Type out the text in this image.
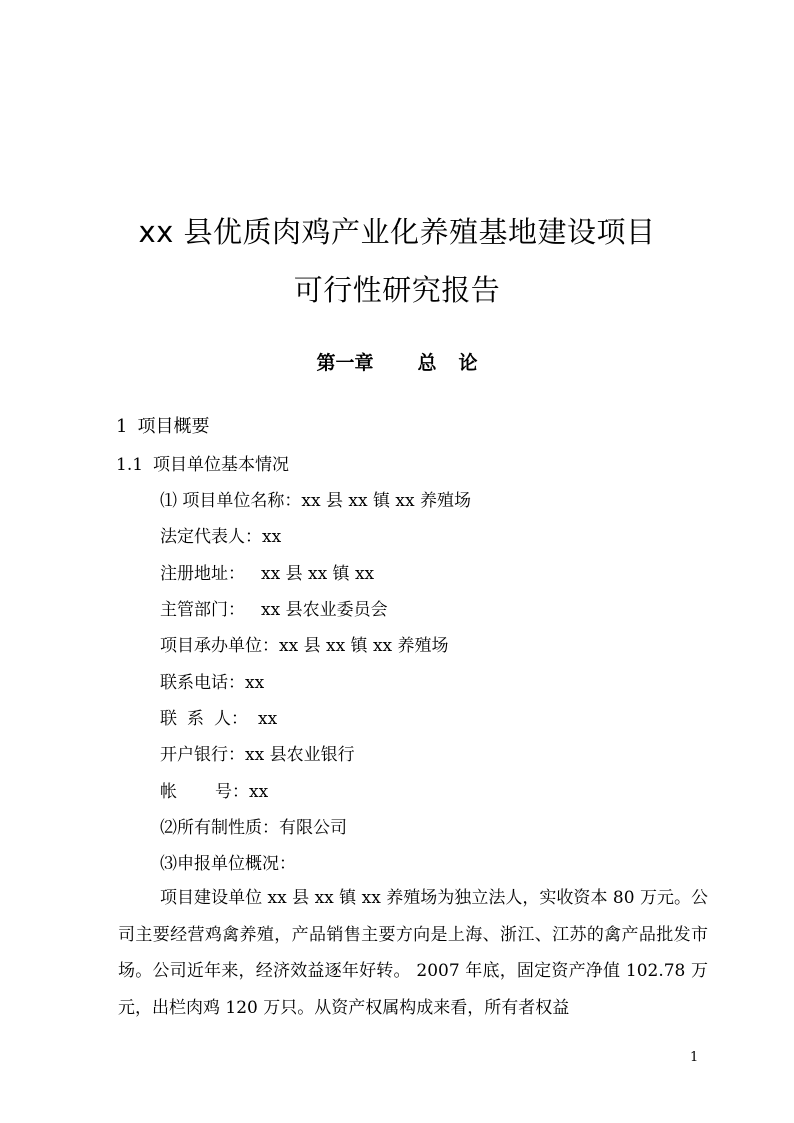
xx 县优质肉鸡产业化养殖基地建设项目
可行性研究报告
第一章 总 论
1 项目概要
1.1 项目单位基本情况
⑴ 项目单位名称：xx 县 xx 镇 xx 养殖场
法定代表人：xx
注册地址： xx 县 xx 镇 xx
主管部门： xx 县农业委员会
项目承办单位：xx 县 xx 镇 xx 养殖场
联系电话：xx
联 系 人： xx
开户银行：xx 县农业银行
帐 号：xx
⑵所有制性质：有限公司
⑶申报单位概况：
项目建设单位 xx 县 xx 镇 xx 养殖场为独立法人，实收资本 80 万元。公司主要经营鸡禽养殖，产品销售主要方向是上海、浙江、江苏的禽产品批发市场。公司近年来，经济效益逐年好转。 2007 年底，固定资产净值 102.78 万元，出栏肉鸡 120 万只。从资产权属构成来看，所有者权益
1
